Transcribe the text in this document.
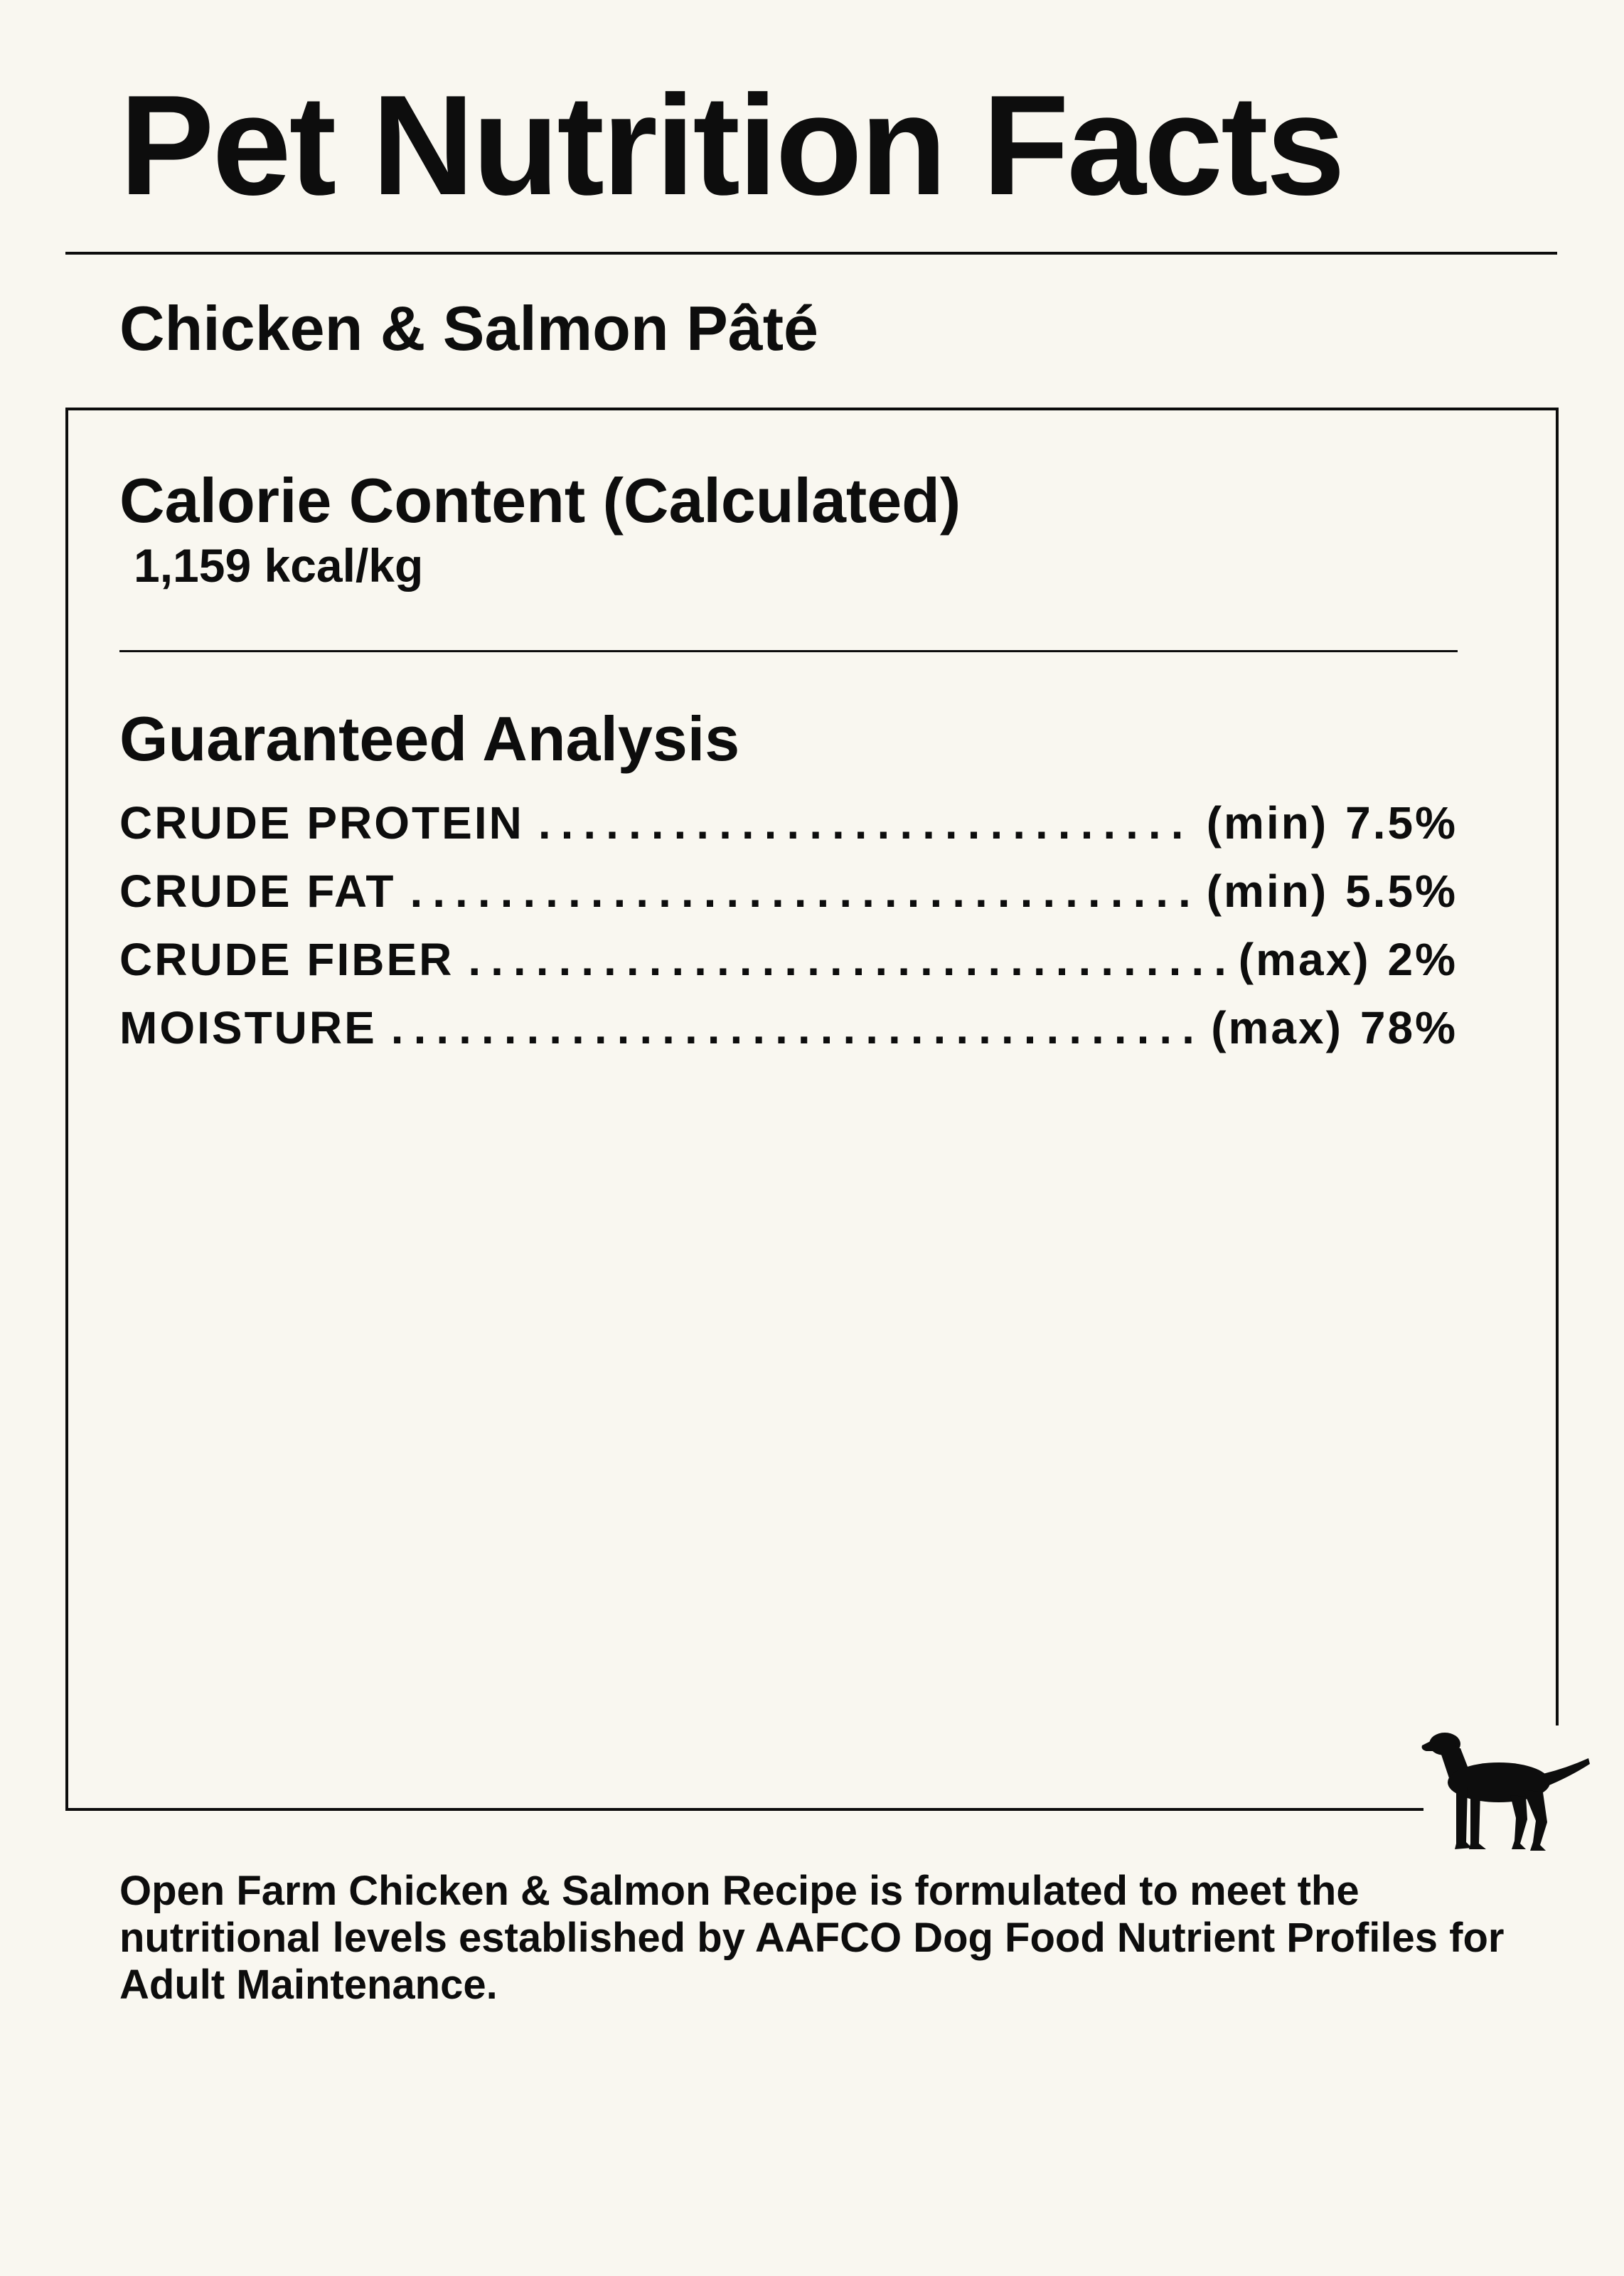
Pet Nutrition Facts
Chicken & Salmon Pâté
Calorie Content (Calculated)
1,159 kcal/kg
Guaranteed Analysis
CRUDE PROTEIN .....	(min) 7.5%
CRUDE FAT .....	(min) 5.5%
CRUDE FIBER .....	(max) 2%
MOISTURE .....	(max) 78%

Open Farm Chicken & Salmon Recipe is formulated to meet the nutritional levels established by AAFCO Dog Food Nutrient Profiles for Adult Maintenance.
